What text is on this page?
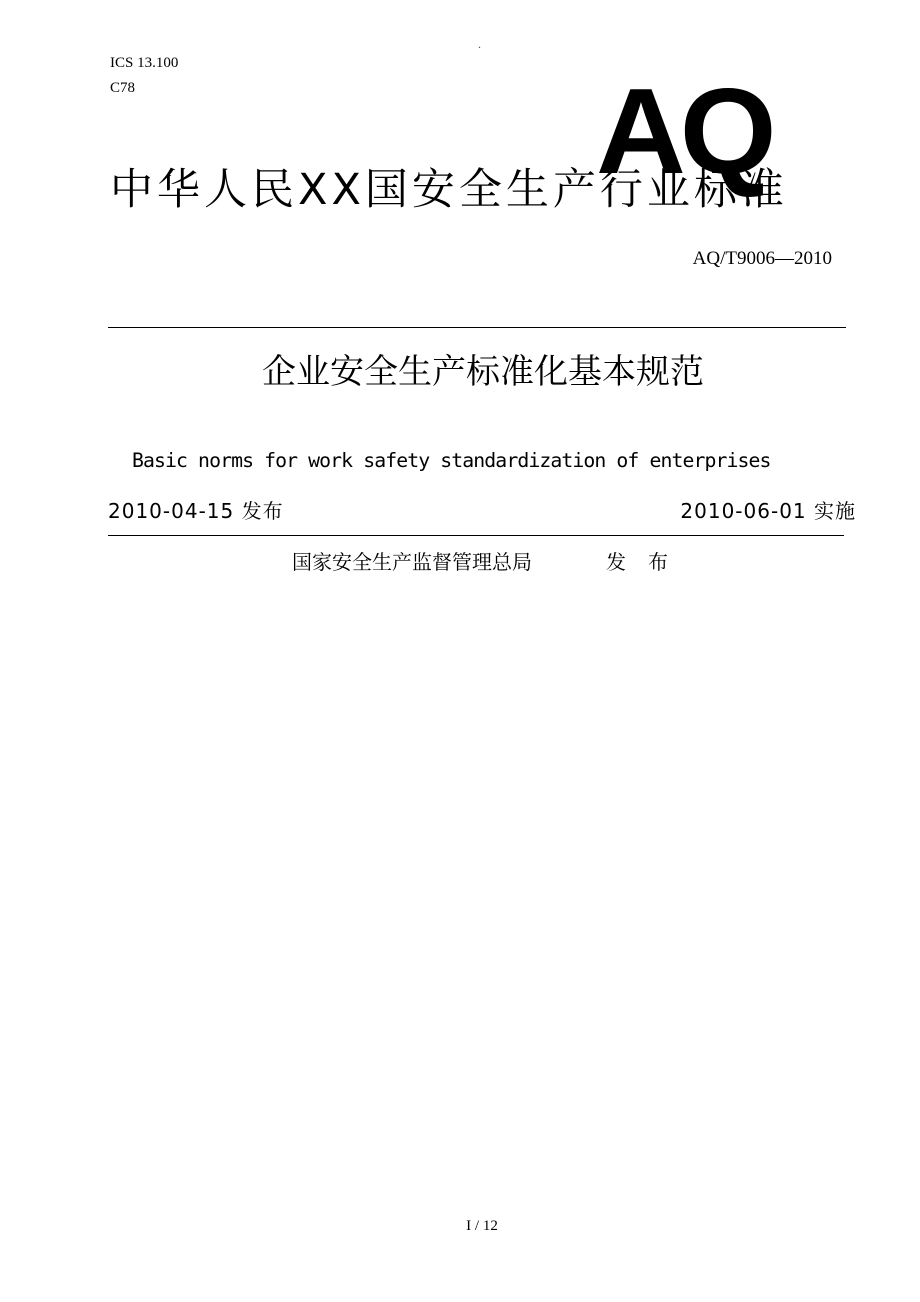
.
ICS 13.100
C78	AQ
中华人民XX国安全生产行业标准
AQ/T9006—2010
企业安全生产标准化基本规范
Basic norms for work safety standardization of enterprises
2010-04-15 发布	2010-06-01 实施
国家安全生产监督管理总局	发布
I / 12
